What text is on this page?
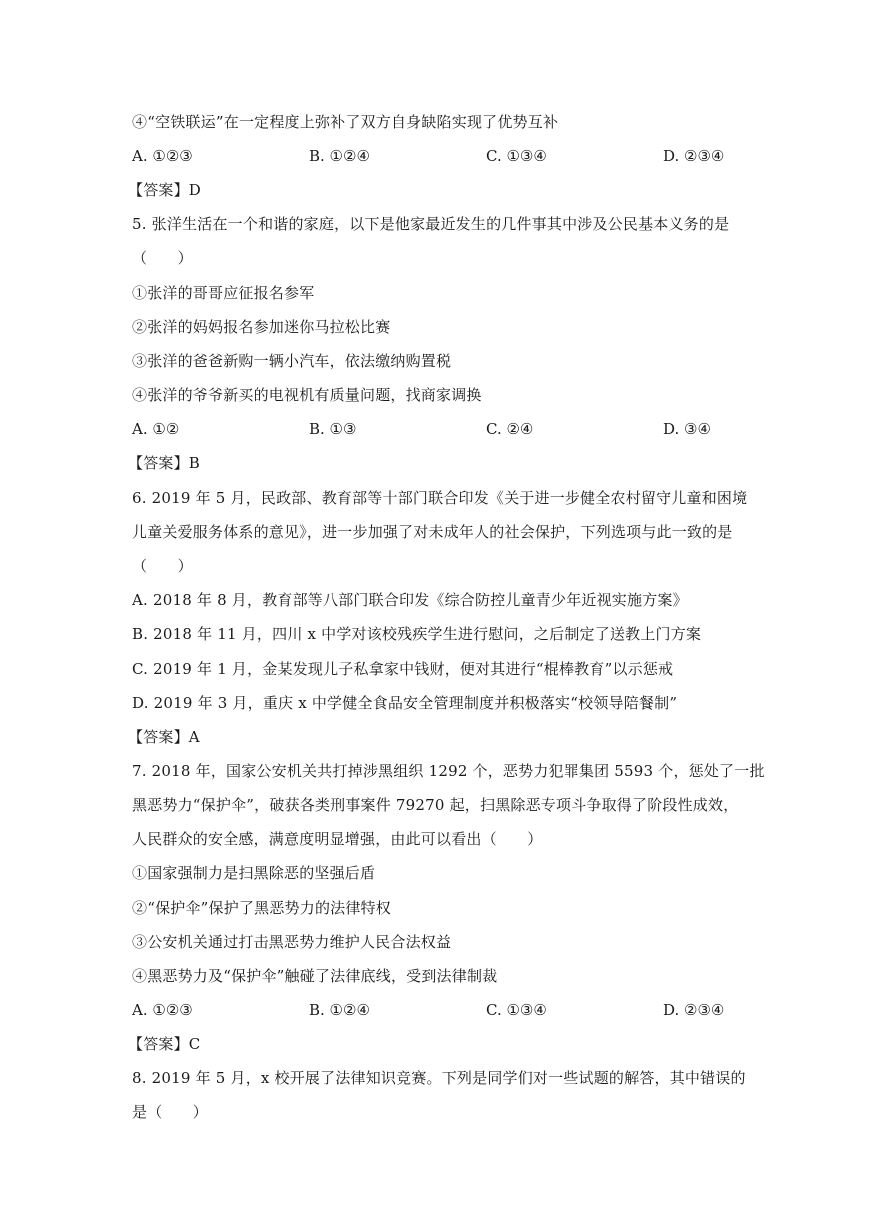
④“空铁联运”在一定程度上弥补了双方自身缺陷实现了优势互补
A. ①②③	B. ①②④	C. ①③④	D. ②③④
【答案】D
5. 张洋生活在一个和谐的家庭，以下是他家最近发生的几件事其中涉及公民基本义务的是
（　　）
①张洋的哥哥应征报名参军
②张洋的妈妈报名参加迷你马拉松比赛
③张洋的爸爸新购一辆小汽车，依法缴纳购置税
④张洋的爷爷新买的电视机有质量问题，找商家调换
A. ①②	B. ①③	C. ②④	D. ③④
【答案】B
6. 2019 年 5 月，民政部、教育部等十部门联合印发《关于进一步健全农村留守儿童和困境
儿童关爱服务体系的意见》，进一步加强了对未成年人的社会保护，下列选项与此一致的是
（　　）
A. 2018 年 8 月，教育部等八部门联合印发《综合防控儿童青少年近视实施方案》
B. 2018 年 11 月，四川 x 中学对该校残疾学生进行慰问，之后制定了送教上门方案
C. 2019 年 1 月，金某发现儿子私拿家中钱财，便对其进行“棍棒教育”以示惩戒
D. 2019 年 3 月，重庆 x 中学健全食品安全管理制度并积极落实“校领导陪餐制”
【答案】A
7. 2018 年，国家公安机关共打掉涉黑组织 1292 个，恶势力犯罪集团 5593 个，惩处了一批
黑恶势力“保护伞”，破获各类刑事案件 79270 起，扫黑除恶专项斗争取得了阶段性成效，
人民群众的安全感，满意度明显增强，由此可以看出（　　）
①国家强制力是扫黑除恶的坚强后盾
②“保护伞”保护了黑恶势力的法律特权
③公安机关通过打击黑恶势力维护人民合法权益
④黑恶势力及“保护伞”触碰了法律底线，受到法律制裁
A. ①②③	B. ①②④	C. ①③④	D. ②③④
【答案】C
8. 2019 年 5 月，x 校开展了法律知识竞赛。下列是同学们对一些试题的解答，其中错误的
是（　　）
